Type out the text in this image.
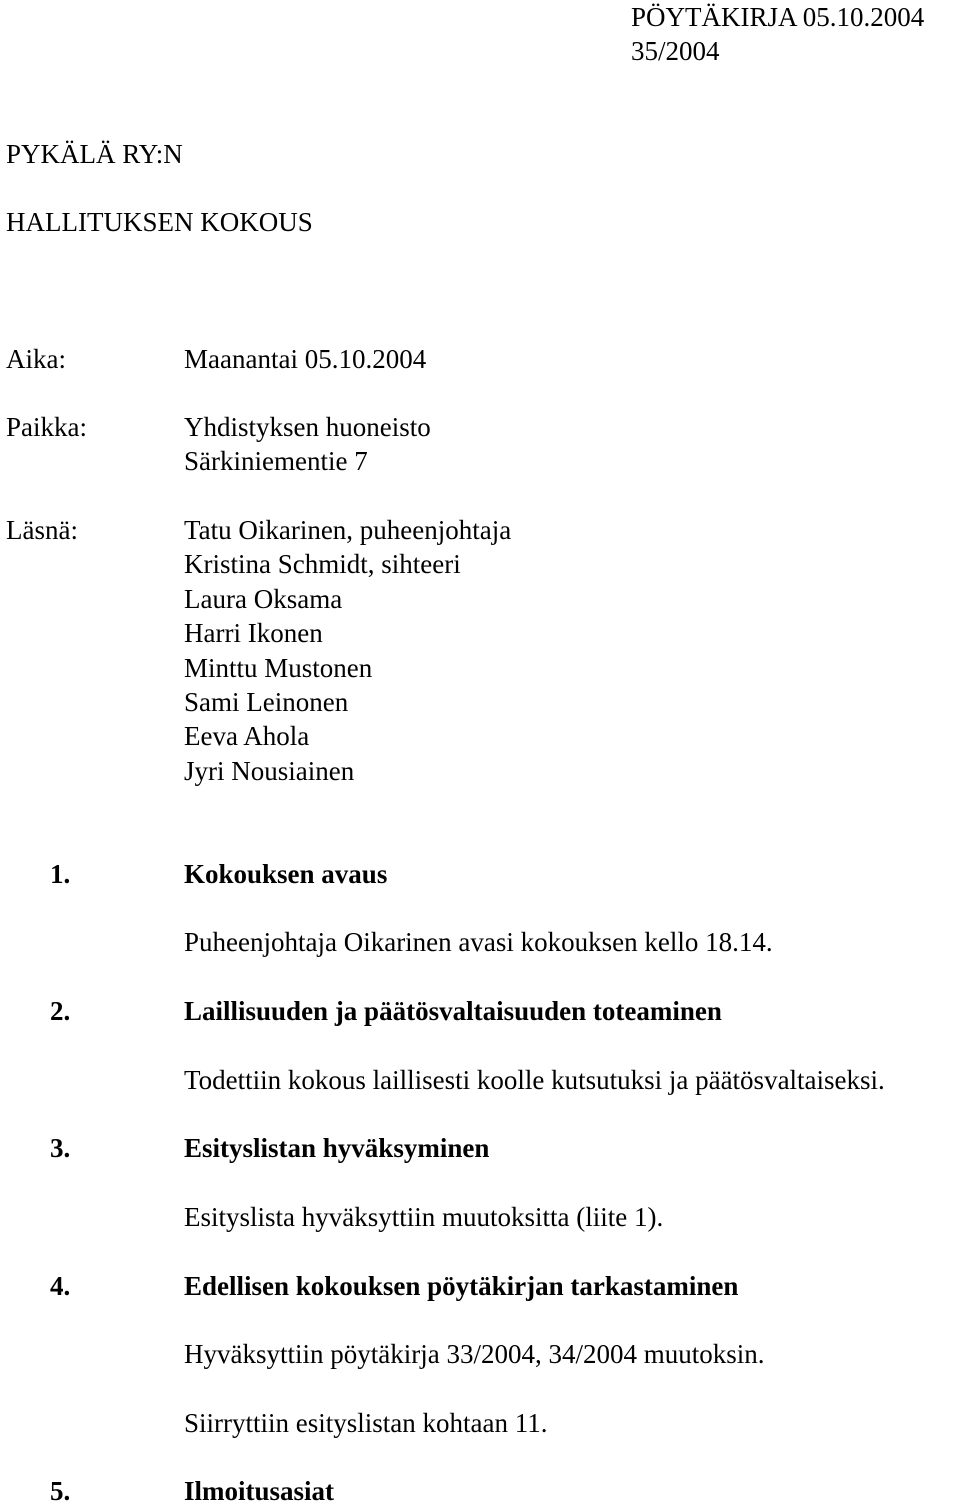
PÖYTÄKIRJA 05.10.2004
35/2004
PYKÄLÄ RY:N
HALLITUKSEN KOKOUS
Aika:	Maanantai 05.10.2004
Paikka:	Yhdistyksen huoneisto
Särkiniementie 7
Läsnä:	Tatu Oikarinen, puheenjohtaja
Kristina Schmidt, sihteeri
Laura Oksama
Harri Ikonen
Minttu Mustonen
Sami Leinonen
Eeva Ahola
Jyri Nousiainen
1.	Kokouksen avaus
Puheenjohtaja Oikarinen avasi kokouksen kello 18.14.
2.	Laillisuuden ja päätösvaltaisuuden toteaminen
Todettiin kokous laillisesti koolle kutsutuksi ja päätösvaltaiseksi.
3.	Esityslistan hyväksyminen
Esityslista hyväksyttiin muutoksitta (liite 1).
4.	Edellisen kokouksen pöytäkirjan tarkastaminen
Hyväksyttiin pöytäkirja 33/2004, 34/2004 muutoksin.
Siirryttiin esityslistan kohtaan 11.
5.	Ilmoitusasiat
